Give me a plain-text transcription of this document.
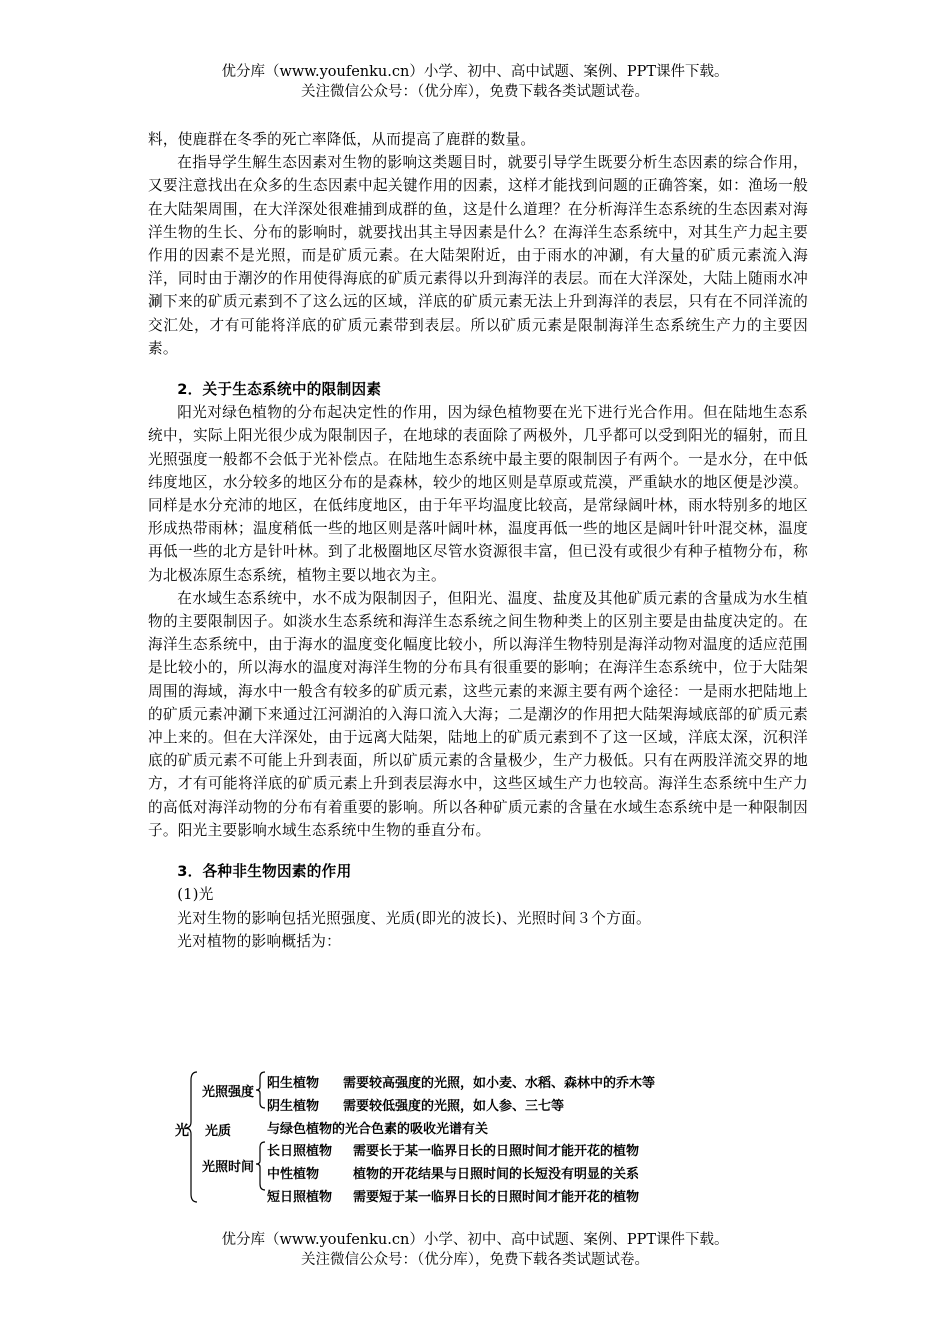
优分库（www.youfenku.cn）小学、初中、高中试题、案例、PPT课件下载。
关注微信公众号：（优分库），免费下载各类试题试卷。

料，使鹿群在冬季的死亡率降低，从而提高了鹿群的数量。

在指导学生解生态因素对生物的影响这类题目时，就要引导学生既要分析生态因素的综合作用，又要注意找出在众多的生态因素中起关键作用的因素，这样才能找到问题的正确答案，如：渔场一般在大陆架周围，在大洋深处很难捕到成群的鱼，这是什么道理？在分析海洋生态系统的生态因素对海洋生物的生长、分布的影响时，就要找出其主导因素是什么？在海洋生态系统中，对其生产力起主要作用的因素不是光照，而是矿质元素。在大陆架附近，由于雨水的冲涮，有大量的矿质元素流入海洋，同时由于潮汐的作用使得海底的矿质元素得以升到海洋的表层。而在大洋深处，大陆上随雨水冲涮下来的矿质元素到不了这么远的区域，洋底的矿质元素无法上升到海洋的表层，只有在不同洋流的交汇处，才有可能将洋底的矿质元素带到表层。所以矿质元素是限制海洋生态系统生产力的主要因素。

2．关于生态系统中的限制因素

阳光对绿色植物的分布起决定性的作用，因为绿色植物要在光下进行光合作用。但在陆地生态系统中，实际上阳光很少成为限制因子，在地球的表面除了两极外，几乎都可以受到阳光的辐射，而且光照强度一般都不会低于光补偿点。在陆地生态系统中最主要的限制因子有两个。一是水分，在中低纬度地区，水分较多的地区分布的是森林，较少的地区则是草原或荒漠，严重缺水的地区便是沙漠。同样是水分充沛的地区，在低纬度地区，由于年平均温度比较高，是常绿阔叶林，雨水特别多的地区形成热带雨林；温度稍低一些的地区则是落叶阔叶林，温度再低一些的地区是阔叶针叶混交林，温度再低一些的北方是针叶林。到了北极圈地区尽管水资源很丰富，但已没有或很少有种子植物分布，称为北极冻原生态系统，植物主要以地衣为主。

在水域生态系统中，水不成为限制因子，但阳光、温度、盐度及其他矿质元素的含量成为水生植物的主要限制因子。如淡水生态系统和海洋生态系统之间生物种类上的区别主要是由盐度决定的。在海洋生态系统中，由于海水的温度变化幅度比较小，所以海洋生物特别是海洋动物对温度的适应范围是比较小的，所以海水的温度对海洋生物的分布具有很重要的影响；在海洋生态系统中，位于大陆架周围的海域，海水中一般含有较多的矿质元素，这些元素的来源主要有两个途径：一是雨水把陆地上的矿质元素冲涮下来通过江河湖泊的入海口流入大海；二是潮汐的作用把大陆架海域底部的矿质元素冲上来的。但在大洋深处，由于远离大陆架，陆地上的矿质元素到不了这一区域，洋底太深，沉积洋底的矿质元素不可能上升到表面，所以矿质元素的含量极少，生产力极低。只有在两股洋流交界的地方，才有可能将洋底的矿质元素上升到表层海水中，这些区域生产力也较高。海洋生态系统中生产力的高低对海洋动物的分布有着重要的影响。所以各种矿质元素的含量在水域生态系统中是一种限制因子。阳光主要影响水域生态系统中生物的垂直分布。

3．各种非生物因素的作用

(1)光

光对生物的影响包括光照强度、光质(即光的波长)、光照时间３个方面。

光对植物的影响概括为：

光
光照强度
阳生植物 需要较高强度的光照，如小麦、水稻、森林中的乔木等
阴生植物 需要较低强度的光照，如人参、三七等
光质	与绿色植物的光合色素的吸收光谱有关
光照时间
长日照植物 需要长于某一临界日长的日照时间才能开花的植物
中性植物	植物的开花结果与日照时间的长短没有明显的关系
短日照植物 需要短于某一临界日长的日照时间才能开花的植物
优分库（www.youfenku.cn）小学、初中、高中试题、案例、PPT课件下载。
关注微信公众号：（优分库），免费下载各类试题试卷。
